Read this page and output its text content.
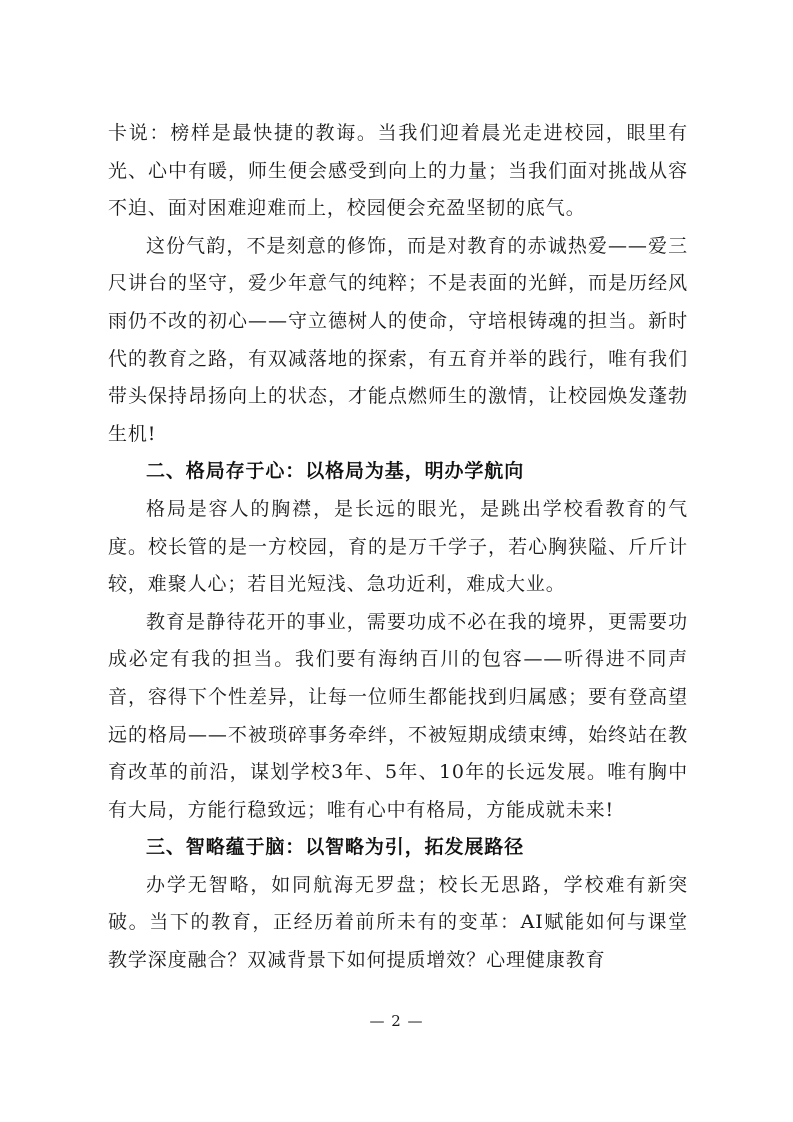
卡说：榜样是最快捷的教诲。当我们迎着晨光走进校园，眼里有光、心中有暖，师生便会感受到向上的力量；当我们面对挑战从容不迫、面对困难迎难而上，校园便会充盈坚韧的底气。

这份气韵，不是刻意的修饰，而是对教育的赤诚热爱——爱三尺讲台的坚守，爱少年意气的纯粹；不是表面的光鲜，而是历经风雨仍不改的初心——守立德树人的使命，守培根铸魂的担当。新时代的教育之路，有双减落地的探索，有五育并举的践行，唯有我们带头保持昂扬向上的状态，才能点燃师生的激情，让校园焕发蓬勃生机!

二、格局存于心：以格局为基，明办学航向

格局是容人的胸襟，是长远的眼光，是跳出学校看教育的气度。校长管的是一方校园，育的是万千学子，若心胸狭隘、斤斤计较，难聚人心；若目光短浅、急功近利，难成大业。

教育是静待花开的事业，需要功成不必在我的境界，更需要功成必定有我的担当。我们要有海纳百川的包容——听得进不同声音，容得下个性差异，让每一位师生都能找到归属感；要有登高望远的格局——不被琐碎事务牵绊，不被短期成绩束缚，始终站在教育改革的前沿，谋划学校3年、5年、10年的长远发展。唯有胸中有大局，方能行稳致远；唯有心中有格局，方能成就未来!

三、智略蕴于脑：以智略为引，拓发展路径

办学无智略，如同航海无罗盘；校长无思路，学校难有新突破。当下的教育，正经历着前所未有的变革：AI赋能如何与课堂教学深度融合？双减背景下如何提质增效？心理健康教育

— 2 —
